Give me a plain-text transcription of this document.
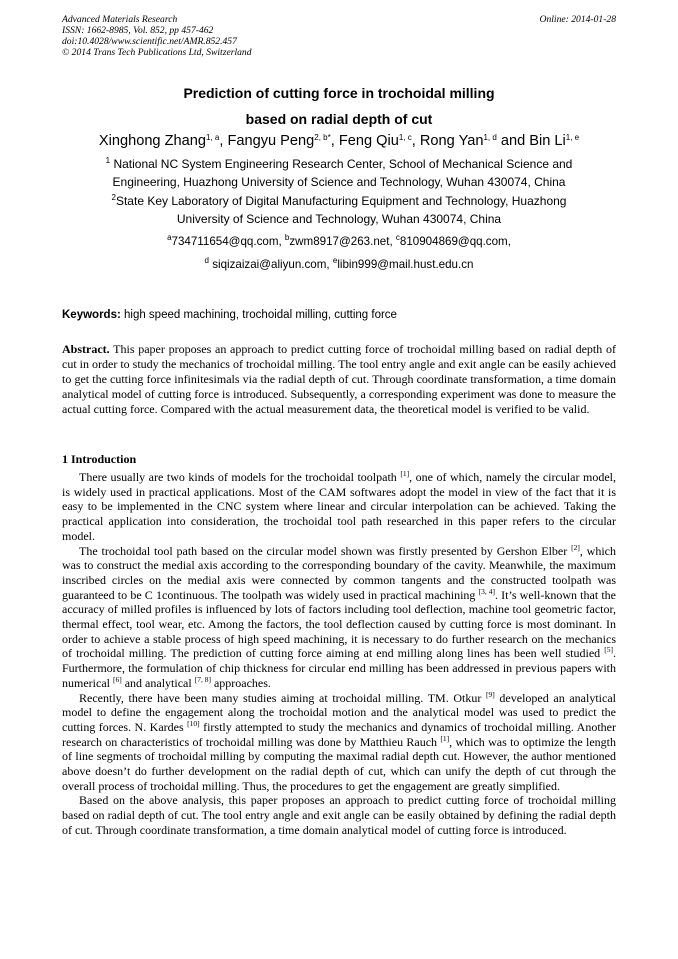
Advanced Materials Research
ISSN: 1662-8985, Vol. 852, pp 457-462
doi:10.4028/www.scientific.net/AMR.852.457
© 2014 Trans Tech Publications Ltd, Switzerland
Online: 2014-01-28
Prediction of cutting force in trochoidal milling
based on radial depth of cut
Xinghong Zhang$^{1, a}$, Fangyu Peng$^{2, b*}$, Feng Qiu$^{1, c}$, Rong Yan$^{1, d}$ and Bin Li$^{1, e}$
$^1$ National NC System Engineering Research Center, School of Mechanical Science and
Engineering, Huazhong University of Science and Technology, Wuhan 430074, China
$^2$State Key Laboratory of Digital Manufacturing Equipment and Technology, Huazhong
University of Science and Technology, Wuhan 430074, China
$^a$734711654@qq.com, $^b$zwm8917@263.net, $^c$810904869@qq.com,
$^d$ siqizaizai@aliyun.com, $^e$libin999@mail.hust.edu.cn
Keywords: high speed machining, trochoidal milling, cutting force
Abstract. This paper proposes an approach to predict cutting force of trochoidal milling based on radial depth of cut in order to study the mechanics of trochoidal milling. The tool entry angle and exit angle can be easily achieved to get the cutting force infinitesimals via the radial depth of cut. Through coordinate transformation, a time domain analytical model of cutting force is introduced. Subsequently, a corresponding experiment was done to measure the actual cutting force. Compared with the actual measurement data, the theoretical model is verified to be valid.
1 Introduction

There usually are two kinds of models for the trochoidal toolpath [1], one of which, namely the circular model, is widely used in practical applications. Most of the CAM softwares adopt the model in view of the fact that it is easy to be implemented in the CNC system where linear and circular interpolation can be achieved. Taking the practical application into consideration, the trochoidal tool path researched in this paper refers to the circular model.

The trochoidal tool path based on the circular model shown was firstly presented by Gershon Elber [2], which was to construct the medial axis according to the corresponding boundary of the cavity. Meanwhile, the maximum inscribed circles on the medial axis were connected by common tangents and the constructed toolpath was guaranteed to be C 1continuous. The toolpath was widely used in practical machining [3, 4]. It’s well-known that the accuracy of milled profiles is influenced by lots of factors including tool deflection, machine tool geometric factor, thermal effect, tool wear, etc. Among the factors, the tool deflection caused by cutting force is most dominant. In order to achieve a stable process of high speed machining, it is necessary to do further research on the mechanics of trochoidal milling. The prediction of cutting force aiming at end milling along lines has been well studied [5]. Furthermore, the formulation of chip thickness for circular end milling has been addressed in previous papers with numerical [6] and analytical [7, 8] approaches.

Recently, there have been many studies aiming at trochoidal milling. TM. Otkur [9] developed an analytical model to define the engagement along the trochoidal motion and the analytical model was used to predict the cutting forces. N. Kardes [10] firstly attempted to study the mechanics and dynamics of trochoidal milling. Another research on characteristics of trochoidal milling was done by Matthieu Rauch [1], which was to optimize the length of line segments of trochoidal milling by computing the maximal radial depth cut. However, the author mentioned above doesn’t do further development on the radial depth of cut, which can unify the depth of cut through the overall process of trochoidal milling. Thus, the procedures to get the engagement are greatly simplified.

Based on the above analysis, this paper proposes an approach to predict cutting force of trochoidal milling based on radial depth of cut. The tool entry angle and exit angle can be easily obtained by defining the radial depth of cut. Through coordinate transformation, a time domain analytical model of cutting force is introduced.
